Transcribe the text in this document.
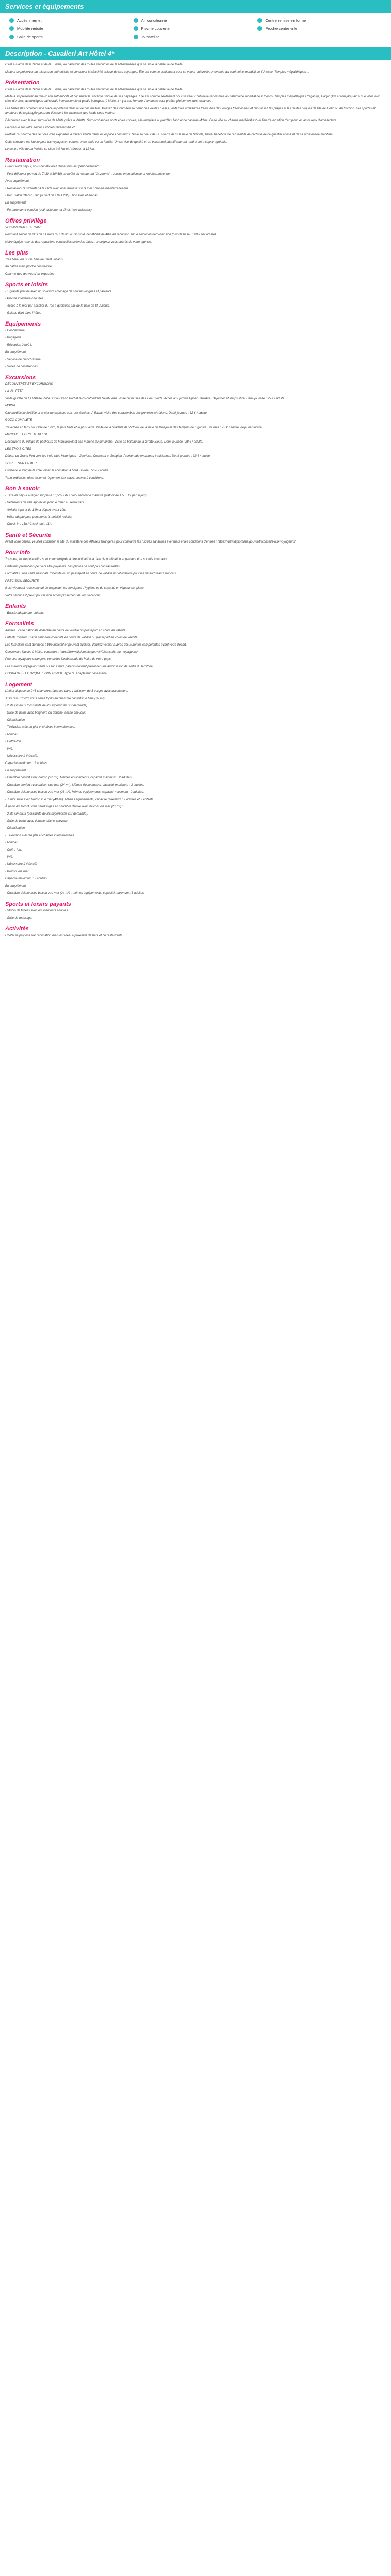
Services et équipements
Accès internet	Air conditionné	Centre remise en forme
Mobilité réduite	Piscine couverte	Proche centre ville
Salle de sports	Tv satellite
Description - Cavalieri Art Hôtel 4*

C'est au large de la Sicile et de la Tunisie, au carrefour des routes maritimes de la Méditerranée que se situe la petite île de Malte.

Malte a su préserver au mieux son authenticité et conserver la sincérité unique de ses paysages. Elle est comme seulement pour sa valeur culturelle renommée au patrimoine mondial de l'Unesco. Temples mégalithiques ...

Présentation

C'est au large de la Sicile et de la Tunisie, au carrefour des routes maritimes de la Méditerranée que se situe la petite île de Malte.

Malte a su préserver au mieux son authenticité et conserver la sincérité unique de ses paysages. Elle est comme seulement pour sa valeur culturelle renommée au patrimoine mondial de l'Unesco. Temples mégalithiques (Ggantija, Hagar Qim et Mnajdra) ainsi que villes aux sites d'ordres, authentiques cathédrale internationale et palais baroques. à Malte, il n'y a pas l'ombre d'un doute pour profiter pleinement des vacances !

Les belles îles occupent une place importante dans la vie des maltais. Passez des journées au cœur des vieilles ruelles, visitez les ambiances tranquilles des villages traditionnels et choisissez les plages et les petites criques de l'île de Gozo ou de Comino. Les sportifs et amateurs de la plongée pourront découvrir les richesses des fonds sous-marins.

Découvrez avec le bleu turquoise de Malte grâce à Valette. Surplombant les ports et les criques, elle remplace aujourd'hui l'ancienne capitale Mdina. Cette ville au charme médiéval est un lieu d'exposition d'art pour les amoureux d'architecture.

Bienvenue sur votre séjour à l'hôtel Cavalieri Art 4* !

Profitez du charme des œuvres d'art exposées à travers l'hôtel dans les espaces communs. Situé au cœur de St Julian's dans la baie de Spinola, l'hôtel bénéficie de l'ensemble de l'activité de ce quartier animé et de sa promenade maritime.

Cette structure est idéale pour les voyages en couple, entre amis ou en famille. Un service de qualité et un personnel attentif sauront rendre votre séjour agréable.

Le centre-ville de La Valette se situe à 9 km et l'aéroport à 12 km.

Restauration

Durant votre séjour, vous bénéficierez d'une formule "petit-déjeuner" :

- Petit-déjeuner (ouvert de 7h30 à 10h30) au buffet du restaurant "Orizzonte" : cuisine internationale et méditerranéenne.

Avec supplément :

- Restaurant "Orizzonte" à la carte avec une terrasse sur la mer : cuisine méditerranéenne.

- Bar : salon "Bacco Bar" (ouvert de 11h à 23h) : boissons et en-cas.

En supplément :

- Formule demi-pension (petit-déjeuner et dîner, hors boissons).

Offres privilège

VOS AVANTAGES FRAM :

Pour tout séjour de plus de 14 nuits du 1/11/23 au 31/3/24, bénéficiez de 40% de réduction sur le séjour en demi-pension (prix de base : 120 € par adulte).

Notre équipe réserve des réductions ponctuelles selon les dates, renseignez-vous auprès de votre agence.

Les plus

Très belle vue sur la baie de Saint Julian's

Au calme mais proche centre-ville

Charme des œuvres d'art exposées

Sports et loisirs

- 1 grande piscine avec un solarium aménagé de chaises longues et parasols.

- Piscine intérieure chauffée.

- Accès à la mer par escalier du roc à quelques pas de la baie de St Julian's.

- Galerie d'art dans l'hôtel.

Equipements

- Conciergerie.

- Bagagerie.

- Réception 24h/24.

En supplément :

- Service de blanchisserie.

- Salles de conférences.

Excursions

DÉCOUVERTE ET EXCURSIONS

LA VALETTE

Visite guidée de La Valette, bâtie sur le Grand Port et la co-cathédrale Saint-Jean. Visite du musée des Beaux-Arts. Accès aux jardins Upper Barrakka. Déjeuner et temps libre. Demi-journée : 35 € / adulte.

MDINA

Cité médiévale fortifiée et ancienne capitale, aux rues étroites. À Rabat, visite des catacombes des premiers chrétiens. Demi-journée : 32 € / adulte.

GOZO COMPLETE

Traversée en ferry pour l'île de Gozo, la plus belle et la plus verte. Visite de la citadelle de Victoria, de la baie de Dwejra et des temples de Ggantija. Journée : 75 € / adulte, déjeuner inclus.

MARCHE ET GROTTE BLEUE

Découverte du village de pêcheurs de Marsaxlokk et son marché du dimanche. Visite en bateau de la Grotte Bleue. Demi-journée : 28 € / adulte.

LES TROIS CITÉS

Départ du Grand Port vers les trois cités historiques : Vittoriosa, Cospicua et Senglea. Promenade en bateau traditionnel. Demi-journée : 32 € / adulte.

SOIRÉE SUR LA MER

Croisière le long de la côte, dîner et animation à bord. Soirée : 55 € / adulte.

Tarifs indicatifs, réservation et règlement sur place, soumis à conditions.

Bon à savoir

- Taxe de séjour à régler sur place : 0,50 EUR / nuit / personne majeure (plafonnée à 5 EUR par séjour).

- Vêtements de ville appréciés pour le dîner au restaurant.

- Arrivée à partir de 14h et départ avant 10h.

- Hôtel adapté pour personnes à mobilité réduite.

- Check-in : 13h / Check-out : 11h.

Santé et Sécurité

Avant votre départ, veuillez consulter le site du ministère des Affaires étrangères pour connaître les risques sanitaires éventuels et les conditions d'entrée : https://www.diplomatie.gouv.fr/fr/conseils-aux-voyageurs/

Pour info

Tous les prix de cette offre sont communiqués à titre indicatif à la date de publication et peuvent être soumis à variation.

Certaines prestations peuvent être payantes. Les photos ne sont pas contractuelles.

Formalités : une carte nationale d'identité ou un passeport en cours de validité est obligatoire pour les ressortissants français.

PRÉCISION SÉCURITÉ

Il est vivement recommandé de respecter les consignes d'hygiène et de sécurité en vigueur sur place.

Votre séjour est prévu pour le bon accomplissement de vos vacances.

Enfants

- Bassin adapté aux enfants.

Formalités

Adultes : carte nationale d'identité en cours de validité ou passeport en cours de validité.

Enfants mineurs : carte nationale d'identité en cours de validité ou passeport en cours de validité.

Les formalités sont données à titre indicatif et peuvent évoluer. Veuillez vérifier auprès des autorités compétentes avant votre départ.

Concernant l'accès à Malte, consultez : https://www.diplomatie.gouv.fr/fr/conseils-aux-voyageurs/

Pour les voyageurs étrangers, consultez l'ambassade de Malte de votre pays.

Les mineurs voyageant seuls ou sans leurs parents doivent présenter une autorisation de sortie du territoire.

COURANT ÉLECTRIQUE : 230V et 50Hz. Type G. Adaptateur nécessaire.

Logement

L'hôtel dispose de 246 chambres réparties dans 1 bâtiment de 8 étages avec ascenseurs.

Jusqu'au 31/3/23, vous serez logés en chambre confort vue baie (22 m²) :

- 2 lits jumeaux (possibilité de lits superposés sur demande).

- Salle de bains avec baignoire ou douche, sèche-cheveux.

- Climatisation.

- Télévision à écran plat et chaînes internationales.

- Minibar.

- Coffre-fort.

- Wifi.

- Nécessaire à thé/café.

Capacité maximum : 2 adultes.

En supplément :

- Chambre confort avec balcon (22 m²). Mêmes équipements, capacité maximum : 2 adultes.

- Chambre confort avec balcon vue mer (24 m²). Mêmes équipements, capacité maximum : 3 adultes.

- Chambre deluxe avec balcon vue mer (26 m²). Mêmes équipements, capacité maximum : 2 adultes.

- Junior suite avec balcon vue mer (48 m²). Mêmes équipements, capacité maximum : 2 adultes et 2 enfants.

À partir du 1/4/23, vous serez logés en chambre deluxe avec balcon vue mer (22 m²) :

- 2 lits jumeaux (possibilité de lits superposés sur demande).

- Salle de bains avec douche, sèche-cheveux.

- Climatisation.

- Télévision à écran plat et chaînes internationales.

- Minibar.

- Coffre-fort.

- Wifi.

- Nécessaire à thé/café.

- Balcon vue mer.

Capacité maximum : 2 adultes.

En supplément :

- Chambre deluxe avec balcon vue mer (24 m²) : mêmes équipements, capacité maximum : 3 adultes.

Sports et loisirs payants

- Studio de fitness avec équipements adaptés.

- Salle de massage.

Activités

L'hôtel se propose par l'animation mais est idéal à proximité de bars et de restaurants.
